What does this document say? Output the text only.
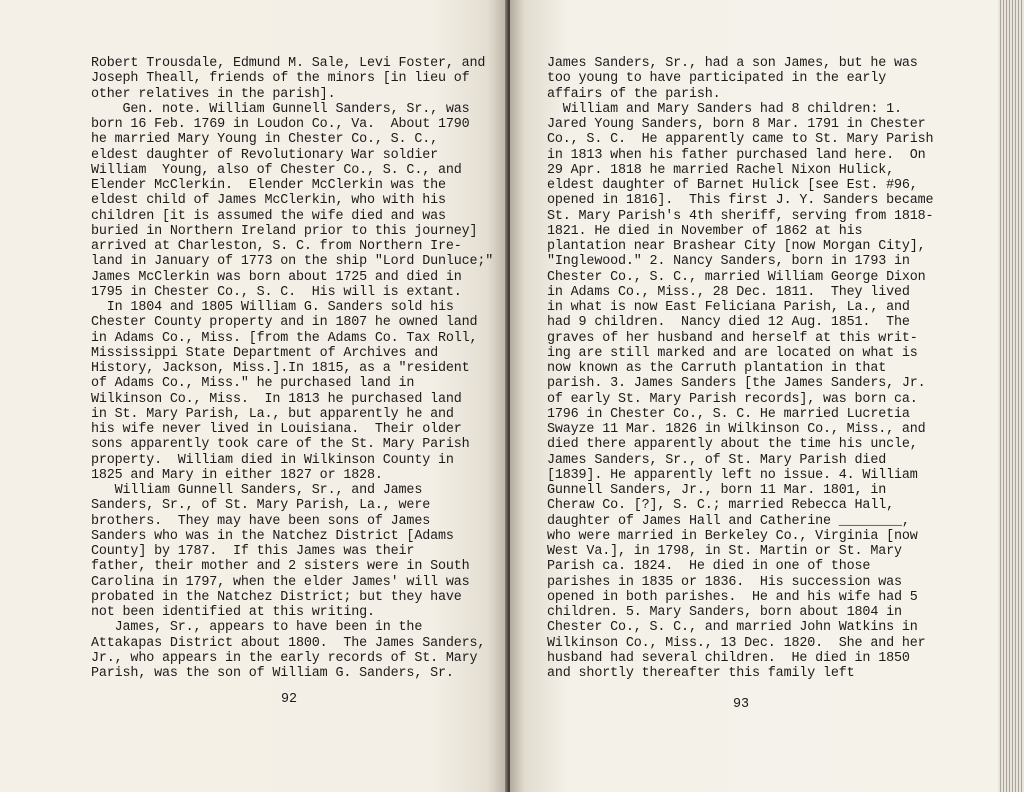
Robert Trousdale, Edmund M. Sale, Levi Foster, and
Joseph Theall, friends of the minors [in lieu of
other relatives in the parish].
Gen. note. William Gunnell Sanders, Sr., was
born 16 Feb. 1769 in Loudon Co., Va.  About 1790
he married Mary Young in Chester Co., S. C.,
eldest daughter of Revolutionary War soldier
William  Young, also of Chester Co., S. C., and
Elender McClerkin.  Elender McClerkin was the
eldest child of James McClerkin, who with his
children [it is assumed the wife died and was
buried in Northern Ireland prior to this journey]
arrived at Charleston, S. C. from Northern Ire-
land in January of 1773 on the ship "Lord Dunluce;"
James McClerkin was born about 1725 and died in
1795 in Chester Co., S. C.  His will is extant.
In 1804 and 1805 William G. Sanders sold his
Chester County property and in 1807 he owned land
in Adams Co., Miss. [from the Adams Co. Tax Roll,
Mississippi State Department of Archives and
History, Jackson, Miss.].In 1815, as a "resident
of Adams Co., Miss." he purchased land in
Wilkinson Co., Miss.  In 1813 he purchased land
in St. Mary Parish, La., but apparently he and
his wife never lived in Louisiana.  Their older
sons apparently took care of the St. Mary Parish
property.  William died in Wilkinson County in
1825 and Mary in either 1827 or 1828.
William Gunnell Sanders, Sr., and James
Sanders, Sr., of St. Mary Parish, La., were
brothers.  They may have been sons of James
Sanders who was in the Natchez District [Adams
County] by 1787.  If this James was their
father, their mother and 2 sisters were in South
Carolina in 1797, when the elder James' will was
probated in the Natchez District; but they have
not been identified at this writing.
James, Sr., appears to have been in the
Attakapas District about 1800.  The James Sanders,
Jr., who appears in the early records of St. Mary
Parish, was the son of William G. Sanders, Sr.
92
James Sanders, Sr., had a son James, but he was
too young to have participated in the early
affairs of the parish.
William and Mary Sanders had 8 children: 1.
Jared Young Sanders, born 8 Mar. 1791 in Chester
Co., S. C.  He apparently came to St. Mary Parish
in 1813 when his father purchased land here.  On
29 Apr. 1818 he married Rachel Nixon Hulick,
eldest daughter of Barnet Hulick [see Est. #96,
opened in 1816].  This first J. Y. Sanders became
St. Mary Parish's 4th sheriff, serving from 1818-
1821. He died in November of 1862 at his
plantation near Brashear City [now Morgan City],
"Inglewood." 2. Nancy Sanders, born in 1793 in
Chester Co., S. C., married William George Dixon
in Adams Co., Miss., 28 Dec. 1811.  They lived
in what is now East Feliciana Parish, La., and
had 9 children.  Nancy died 12 Aug. 1851.  The
graves of her husband and herself at this writ-
ing are still marked and are located on what is
now known as the Carruth plantation in that
parish. 3. James Sanders [the James Sanders, Jr.
of early St. Mary Parish records], was born ca.
1796 in Chester Co., S. C. He married Lucretia
Swayze 11 Mar. 1826 in Wilkinson Co., Miss., and
died there apparently about the time his uncle,
James Sanders, Sr., of St. Mary Parish died
[1839]. He apparently left no issue. 4. William
Gunnell Sanders, Jr., born 11 Mar. 1801, in
Cheraw Co. [?], S. C.; married Rebecca Hall,
daughter of James Hall and Catherine ________,
who were married in Berkeley Co., Virginia [now
West Va.], in 1798, in St. Martin or St. Mary
Parish ca. 1824.  He died in one of those
parishes in 1835 or 1836.  His succession was
opened in both parishes.  He and his wife had 5
children. 5. Mary Sanders, born about 1804 in
Chester Co., S. C., and married John Watkins in
Wilkinson Co., Miss., 13 Dec. 1820.  She and her
husband had several children.  He died in 1850
and shortly thereafter this family left
93
